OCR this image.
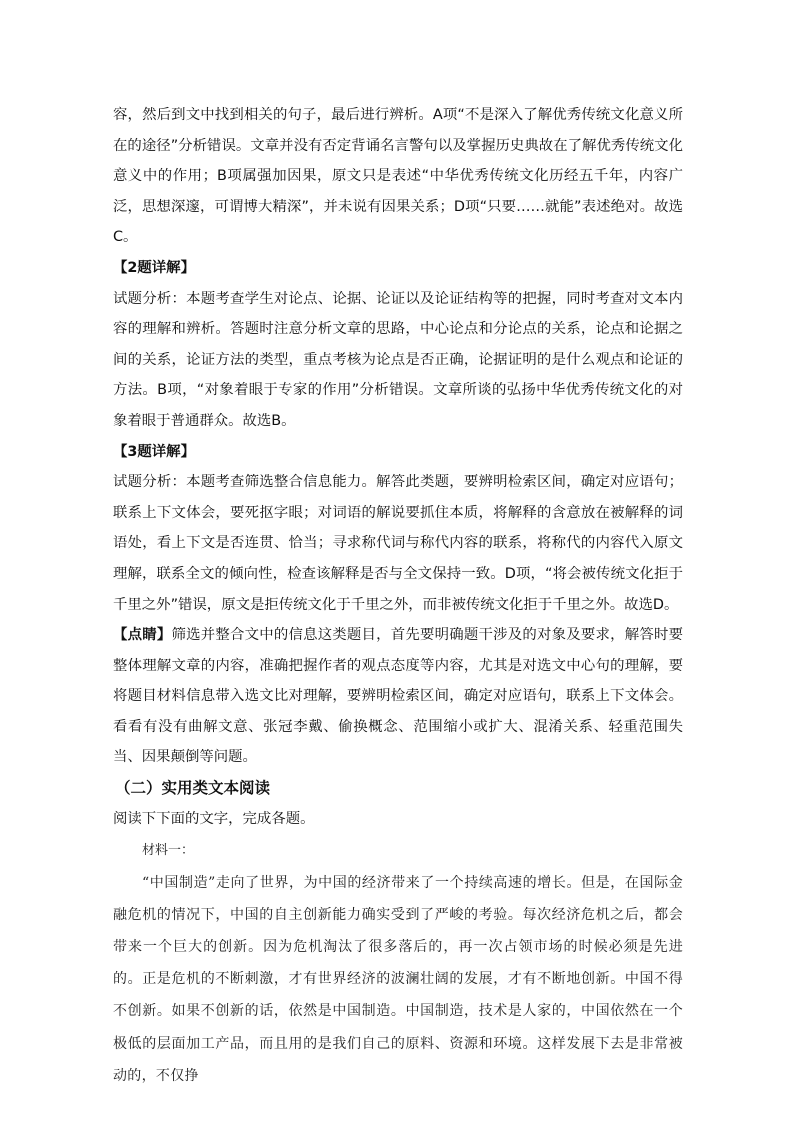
容，然后到文中找到相关的句子，最后进行辨析。A项“不是深入了解优秀传统文化意义所在的途径”分析错误。文章并没有否定背诵名言警句以及掌握历史典故在了解优秀传统文化意义中的作用；B项属强加因果，原文只是表述“中华优秀传统文化历经五千年，内容广泛，思想深邃，可谓博大精深”，并未说有因果关系；D项“只要……就能”表述绝对。故选C。

【2题详解】

试题分析：本题考查学生对论点、论据、论证以及论证结构等的把握，同时考查对文本内容的理解和辨析。答题时注意分析文章的思路，中心论点和分论点的关系，论点和论据之间的关系，论证方法的类型，重点考核为论点是否正确，论据证明的是什么观点和论证的方法。B项，“对象着眼于专家的作用”分析错误。文章所谈的弘扬中华优秀传统文化的对象着眼于普通群众。故选B。

【3题详解】

试题分析：本题考查筛选整合信息能力。解答此类题，要辨明检索区间，确定对应语句；联系上下文体会，要死抠字眼；对词语的解说要抓住本质，将解释的含意放在被解释的词语处，看上下文是否连贯、恰当；寻求称代词与称代内容的联系，将称代的内容代入原文理解，联系全文的倾向性，检查该解释是否与全文保持一致。D项，“将会被传统文化拒于千里之外”错误，原文是拒传统文化于千里之外，而非被传统文化拒于千里之外。故选D。

【点睛】筛选并整合文中的信息这类题目，首先要明确题干涉及的对象及要求，解答时要整体理解文章的内容，准确把握作者的观点态度等内容，尤其是对选文中心句的理解，要将题目材料信息带入选文比对理解，要辨明检索区间，确定对应语句，联系上下文体会。看看有没有曲解文意、张冠李戴、偷换概念、范围缩小或扩大、混淆关系、轻重范围失当、因果颠倒等问题。

（二）实用类文本阅读

阅读下下面的文字，完成各题。

材料一：

“中国制造”走向了世界，为中国的经济带来了一个持续高速的增长。但是，在国际金融危机的情况下，中国的自主创新能力确实受到了严峻的考验。每次经济危机之后，都会带来一个巨大的创新。因为危机淘汰了很多落后的，再一次占领市场的时候必须是先进的。正是危机的不断刺激，才有世界经济的波澜壮阔的发展，才有不断地创新。中国不得不创新。如果不创新的话，依然是中国制造。中国制造，技术是人家的，中国依然在一个极低的层面加工产品，而且用的是我们自己的原料、资源和环境。这样发展下去是非常被动的，不仅挣
